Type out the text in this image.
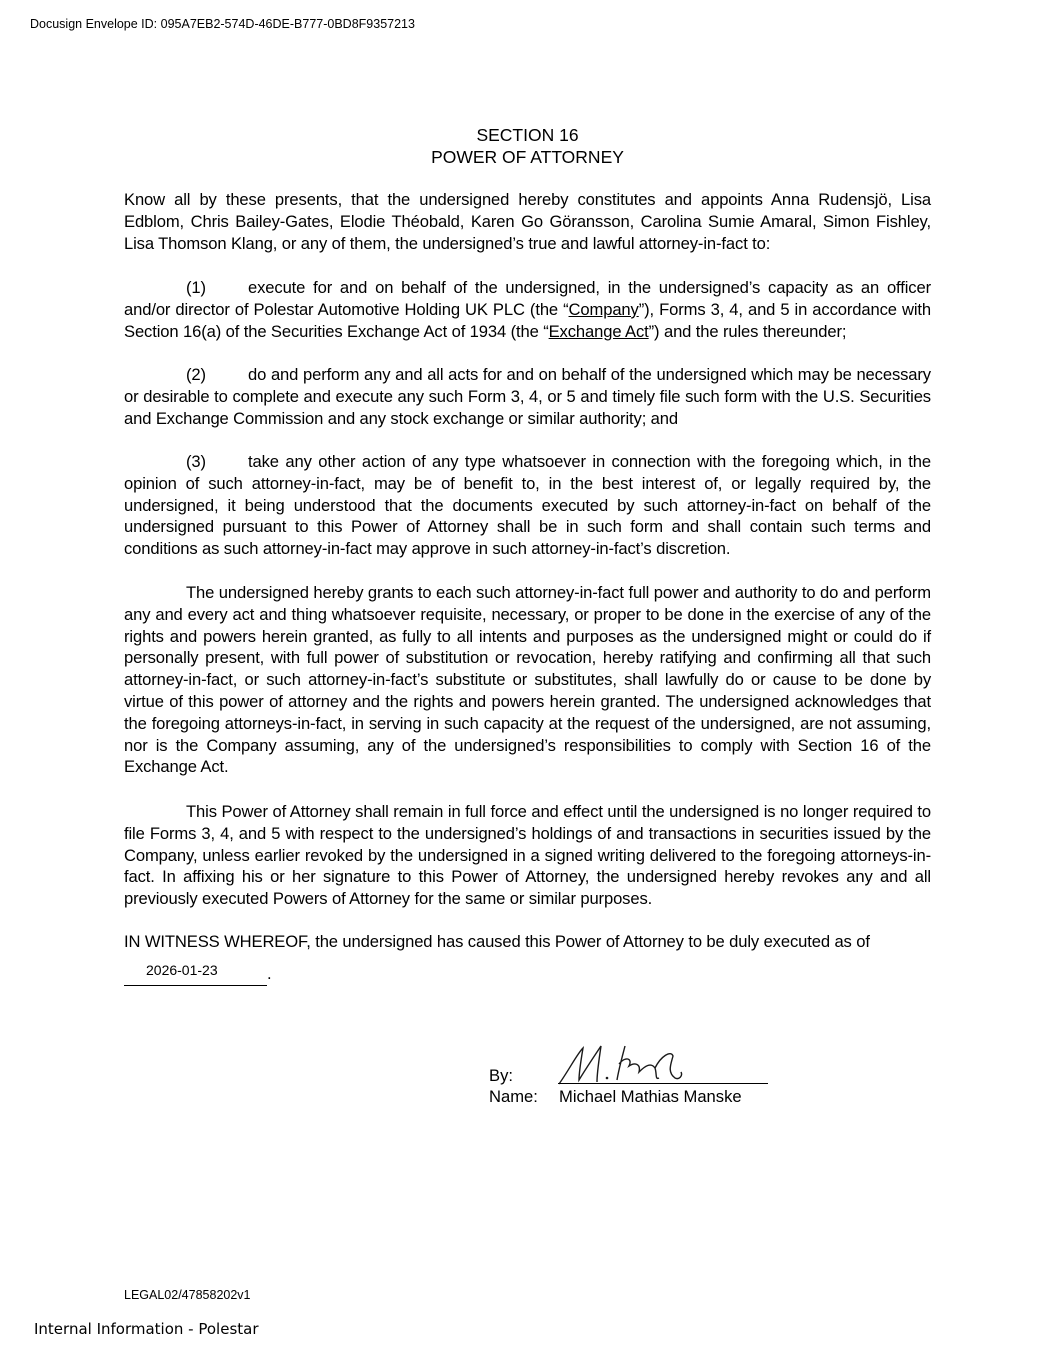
Docusign Envelope ID: 095A7EB2-574D-46DE-B777-0BD8F9357213
SECTION 16
POWER OF ATTORNEY

Know all by these presents, that the undersigned hereby constitutes and appoints Anna Rudensjö, Lisa Edblom, Chris Bailey-Gates, Elodie Théobald, Karen Go Göransson, Carolina Sumie Amaral, Simon Fishley, Lisa Thomson Klang, or any of them, the undersigned’s true and lawful attorney-in-fact to:

(1)	execute for and on behalf of the undersigned, in the undersigned’s capacity as an officer and/or director of Polestar Automotive Holding UK PLC (the “Company”), Forms 3, 4, and 5 in accordance with Section 16(a) of the Securities Exchange Act of 1934 (the “Exchange Act”) and the rules thereunder;

(2)	do and perform any and all acts for and on behalf of the undersigned which may be necessary or desirable to complete and execute any such Form 3, 4, or 5 and timely file such form with the U.S. Securities and Exchange Commission and any stock exchange or similar authority; and

(3)	take any other action of any type whatsoever in connection with the foregoing which, in the opinion of such attorney-in-fact, may be of benefit to, in the best interest of, or legally required by, the undersigned, it being understood that the documents executed by such attorney-in-fact on behalf of the undersigned pursuant to this Power of Attorney shall be in such form and shall contain such terms and conditions as such attorney-in-fact may approve in such attorney-in-fact’s discretion.

The undersigned hereby grants to each such attorney-in-fact full power and authority to do and perform any and every act and thing whatsoever requisite, necessary, or proper to be done in the exercise of any of the rights and powers herein granted, as fully to all intents and purposes as the undersigned might or could do if personally present, with full power of substitution or revocation, hereby ratifying and confirming all that such attorney-in-fact, or such attorney-in-fact’s substitute or substitutes, shall lawfully do or cause to be done by virtue of this power of attorney and the rights and powers herein granted. The undersigned acknowledges that the foregoing attorneys-in-fact, in serving in such capacity at the request of the undersigned, are not assuming, nor is the Company assuming, any of the undersigned’s responsibilities to comply with Section 16 of the Exchange Act.

This Power of Attorney shall remain in full force and effect until the undersigned is no longer required to file Forms 3, 4, and 5 with respect to the undersigned’s holdings of and transactions in securities issued by the Company, unless earlier revoked by the undersigned in a signed writing delivered to the foregoing attorneys-in-fact. In affixing his or her signature to this Power of Attorney, the undersigned hereby revokes any and all previously executed Powers of Attorney for the same or similar purposes.

IN WITNESS WHEREOF, the undersigned has caused this Power of Attorney to be duly executed as of

2026-01-23	.
By:
Name: Michael Mathias Manske
LEGAL02/47858202v1
Internal Information - Polestar
